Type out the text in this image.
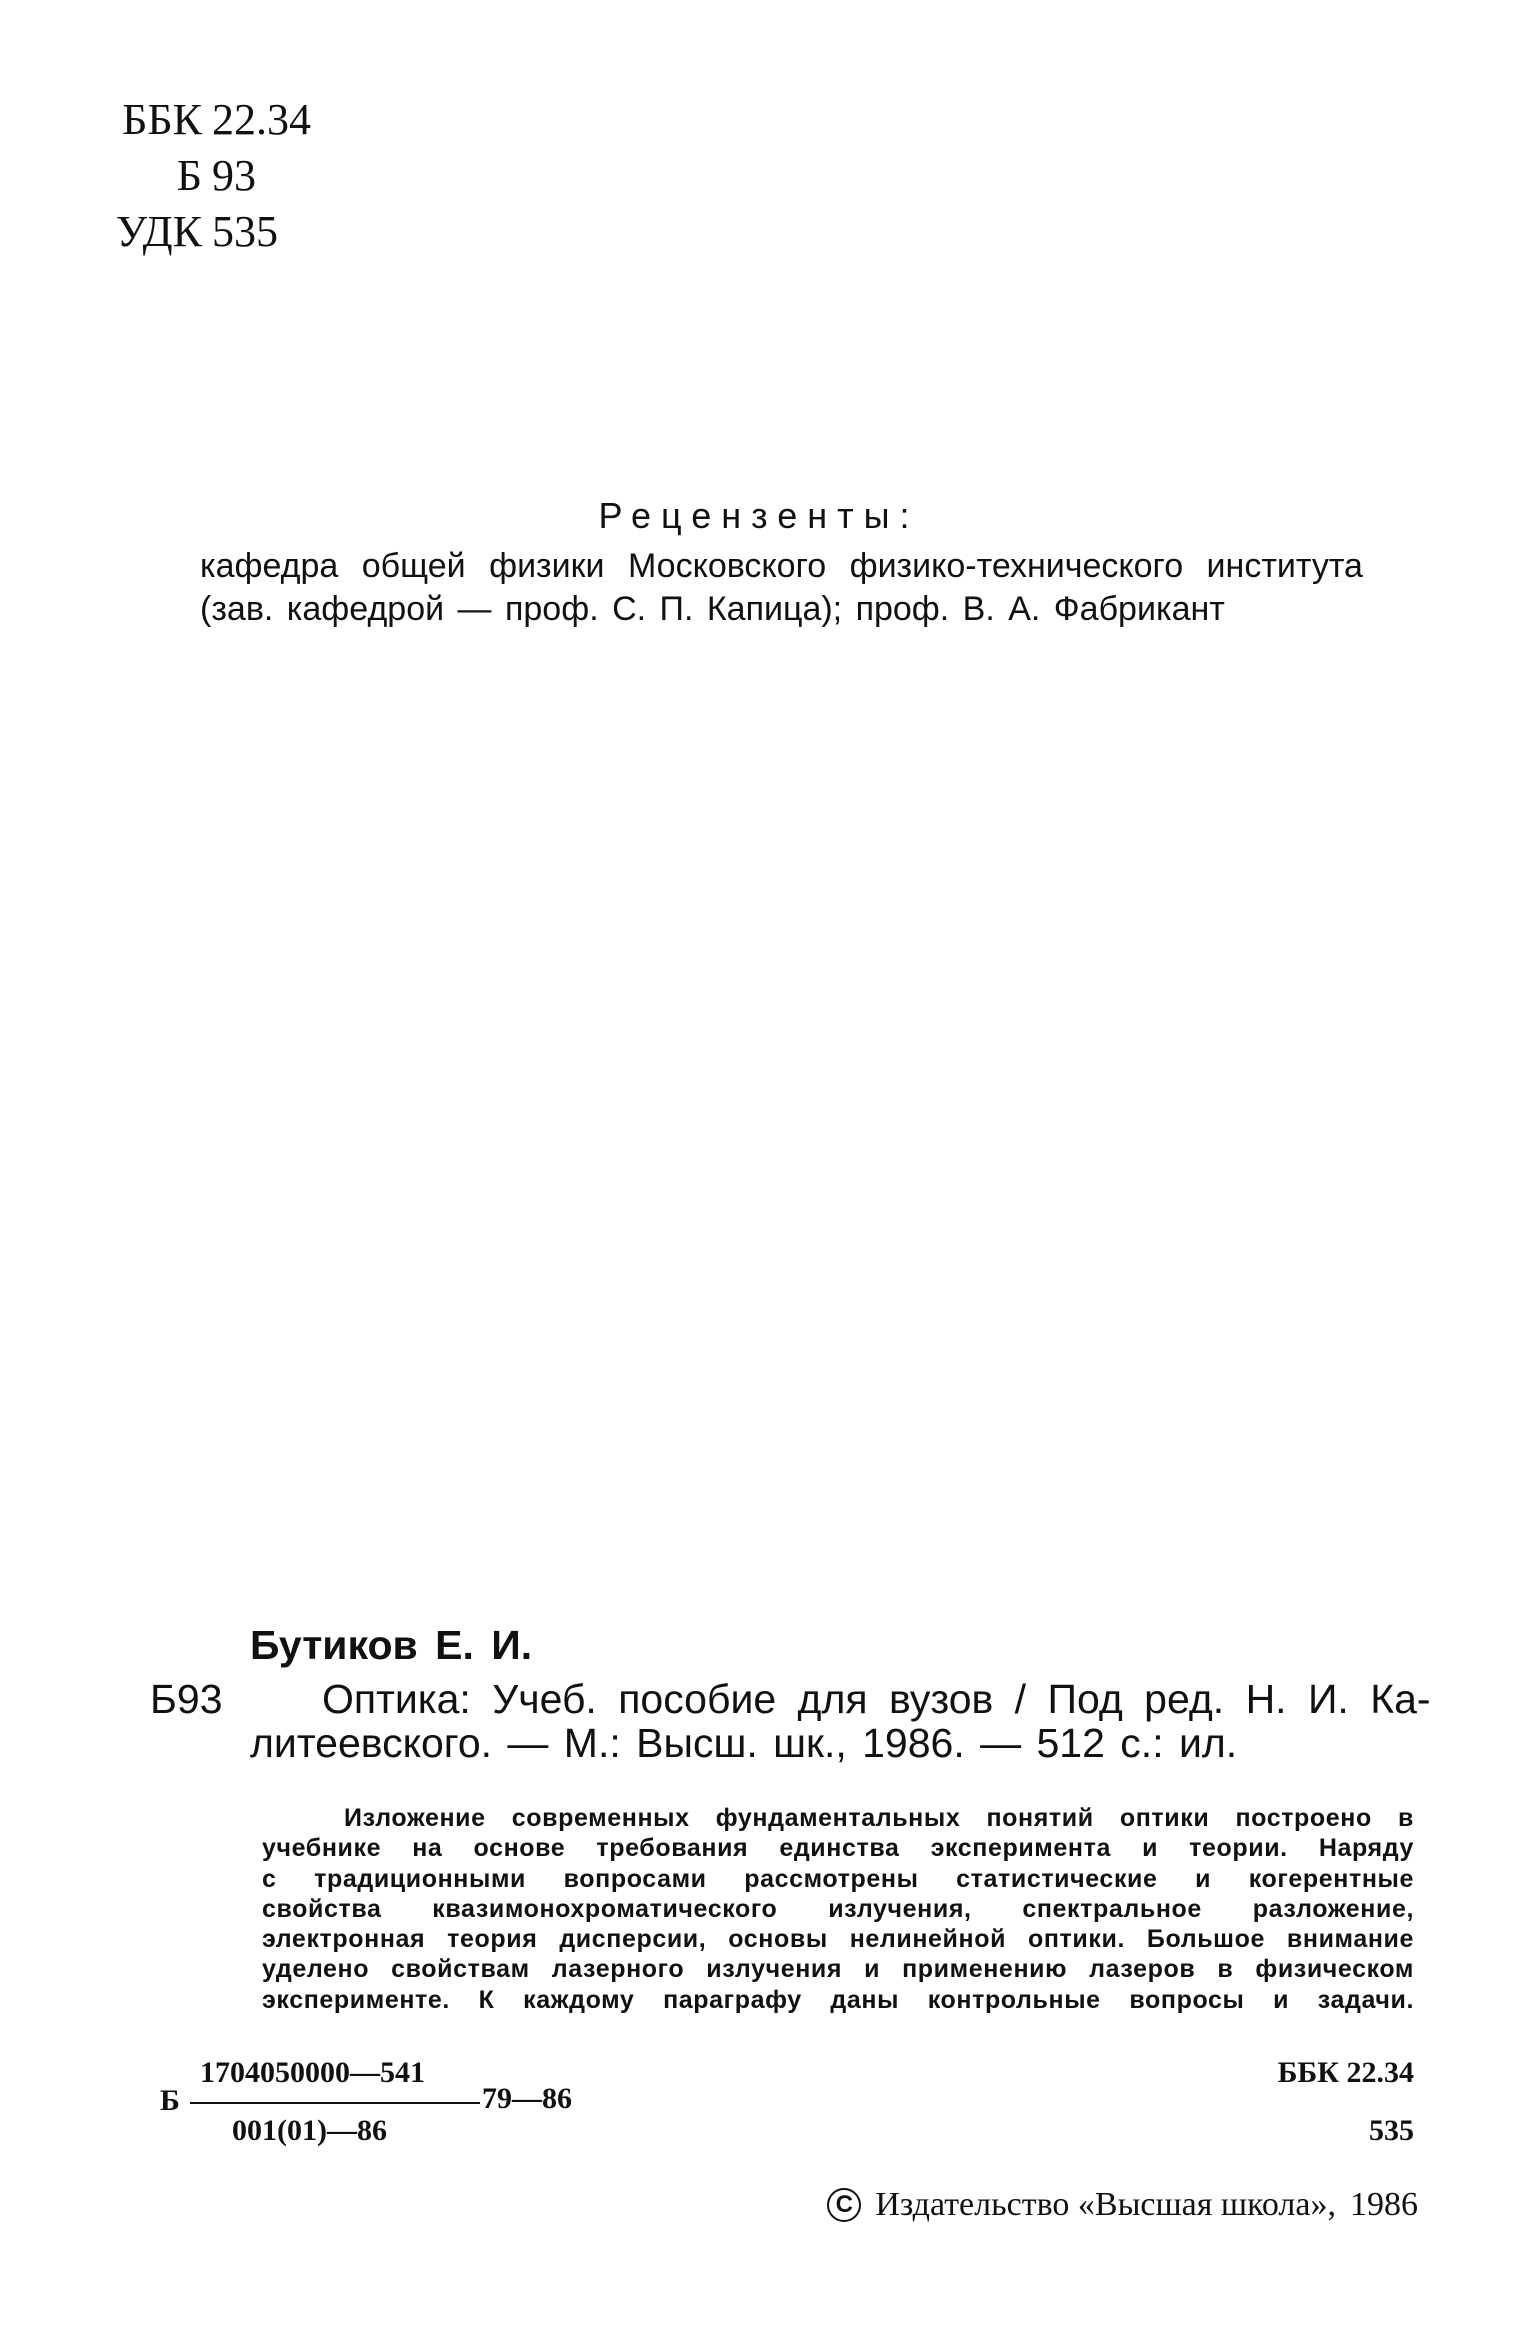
ББК 22.34
Б 93
УДК 535
Рецензенты:
кафедра общей физики Московского физико-технического института
(зав. кафедрой — проф. С. П. Капица); проф. В. А. Фабрикант
Бутиков Е. И.
Б93 Оптика: Учеб. пособие для вузов / Под ред. Н. И. Ка-
литеевского. — М.: Высш. шк., 1986. — 512 с.: ил.
Изложение современных фундаментальных понятий оптики построено в
учебнике на основе требования единства эксперимента и теории. Наряду
с традиционными вопросами рассмотрены статистические и когерентные
свойства квазимонохроматического излучения, спектральное разложение,
электронная теория дисперсии, основы нелинейной оптики. Большое внимание
уделено свойствам лазерного излучения и применению лазеров в физическом
эксперименте. К каждому параграфу даны контрольные вопросы и задачи.
Б
1704050000—541
001(01)—86
79—86
ББК 22.34
535
C Издательство «Высшая школа», 1986
